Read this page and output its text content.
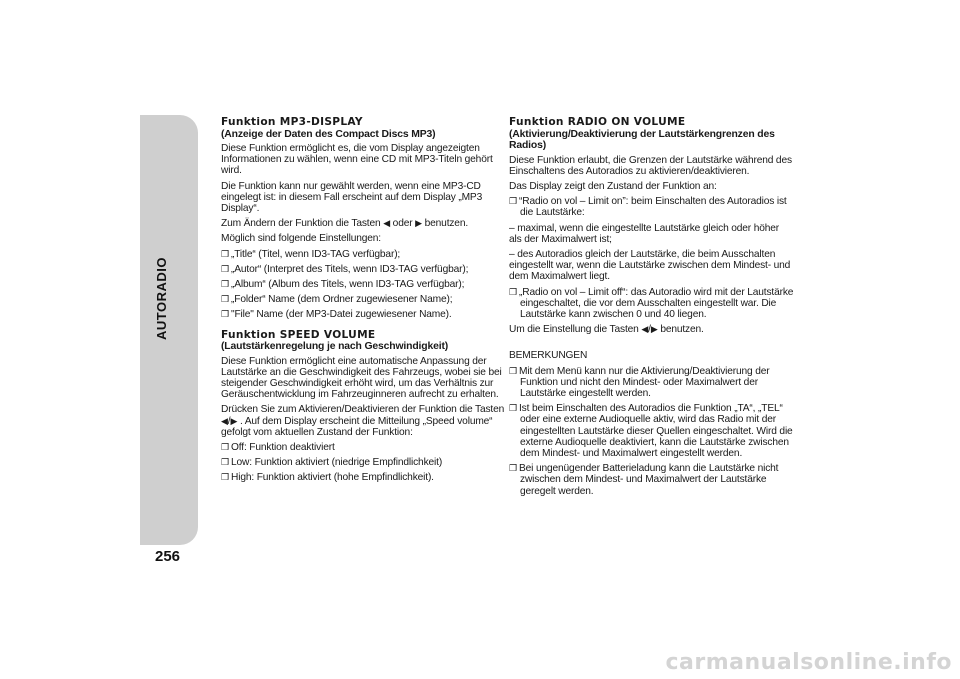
AUTORADIO
256
Funktion MP3-DISPLAY
(Anzeige der Daten des Compact Discs MP3)
Diese Funktion ermöglicht es, die vom Display angezeigten Informationen zu wählen, wenn eine CD mit MP3-Titeln gehört wird.
Die Funktion kann nur gewählt werden, wenn eine MP3-CD eingelegt ist: in diesem Fall erscheint auf dem Display „MP3 Display“.
Zum Ändern der Funktion die Tasten ◀ oder ▶ benutzen.
Möglich sind folgende Einstellungen:
❒ „Title“ (Titel, wenn ID3-TAG verfügbar);
❒ „Autor“ (Interpret des Titels, wenn ID3-TAG verfügbar);
❒ „Album“ (Album des Titels, wenn ID3-TAG verfügbar);
❒ „Folder“ Name (dem Ordner zugewiesener Name);
❒ "File" Name (der MP3-Datei zugewiesener Name).
Funktion SPEED VOLUME
(Lautstärkenregelung je nach Geschwindigkeit)
Diese Funktion ermöglicht eine automatische Anpassung der Lautstärke an die Geschwindigkeit des Fahrzeugs, wobei sie bei steigender Geschwindigkeit erhöht wird, um das Verhältnis zur Geräuschentwicklung im Fahrzeuginneren aufrecht zu erhalten.
Drücken Sie zum Aktivieren/Deaktivieren der Funktion die Tasten ◀/▶ . Auf dem Display erscheint die Mitteilung „Speed volume“ gefolgt vom aktuellen Zustand der Funktion:
❒ Off: Funktion deaktiviert
❒ Low: Funktion aktiviert (niedrige Empfindlichkeit)
❒ High: Funktion aktiviert (hohe Empfindlichkeit).
Funktion RADIO ON VOLUME
(Aktivierung/Deaktivierung der Lautstärkengrenzen des Radios)
Diese Funktion erlaubt, die Grenzen der Lautstärke während des Einschaltens des Autoradios zu aktivieren/deaktivieren.
Das Display zeigt den Zustand der Funktion an:
❒ “Radio on vol – Limit on”: beim Einschalten des Autoradios ist die Lautstärke:
– maximal, wenn die eingestellte Lautstärke gleich oder höher als der Maximalwert ist;
– des Autoradios gleich der Lautstärke, die beim Ausschalten eingestellt war, wenn die Lautstärke zwischen dem Mindest- und dem Maximalwert liegt.
❒ „Radio on vol – Limit off“: das Autoradio wird mit der Lautstärke eingeschaltet, die vor dem Ausschalten eingestellt war. Die Lautstärke kann zwischen 0 und 40 liegen.
Um die Einstellung die Tasten ◀/▶ benutzen.
BEMERKUNGEN
❒ Mit dem Menü kann nur die Aktivierung/Deaktivierung der Funktion und nicht den Mindest- oder Maximalwert der Lautstärke eingestellt werden.
❒ Ist beim Einschalten des Autoradios die Funktion „TA“, „TEL“ oder eine externe Audioquelle aktiv, wird das Radio mit der eingestellten Lautstärke dieser Quellen eingeschaltet. Wird die externe Audioquelle deaktiviert, kann die Lautstärke zwischen dem Mindest- und Maximalwert eingestellt werden.
❒ Bei ungenügender Batterieladung kann die Lautstärke nicht zwischen dem Mindest- und Maximalwert der Lautstärke geregelt werden.
carmanualsonline.info
